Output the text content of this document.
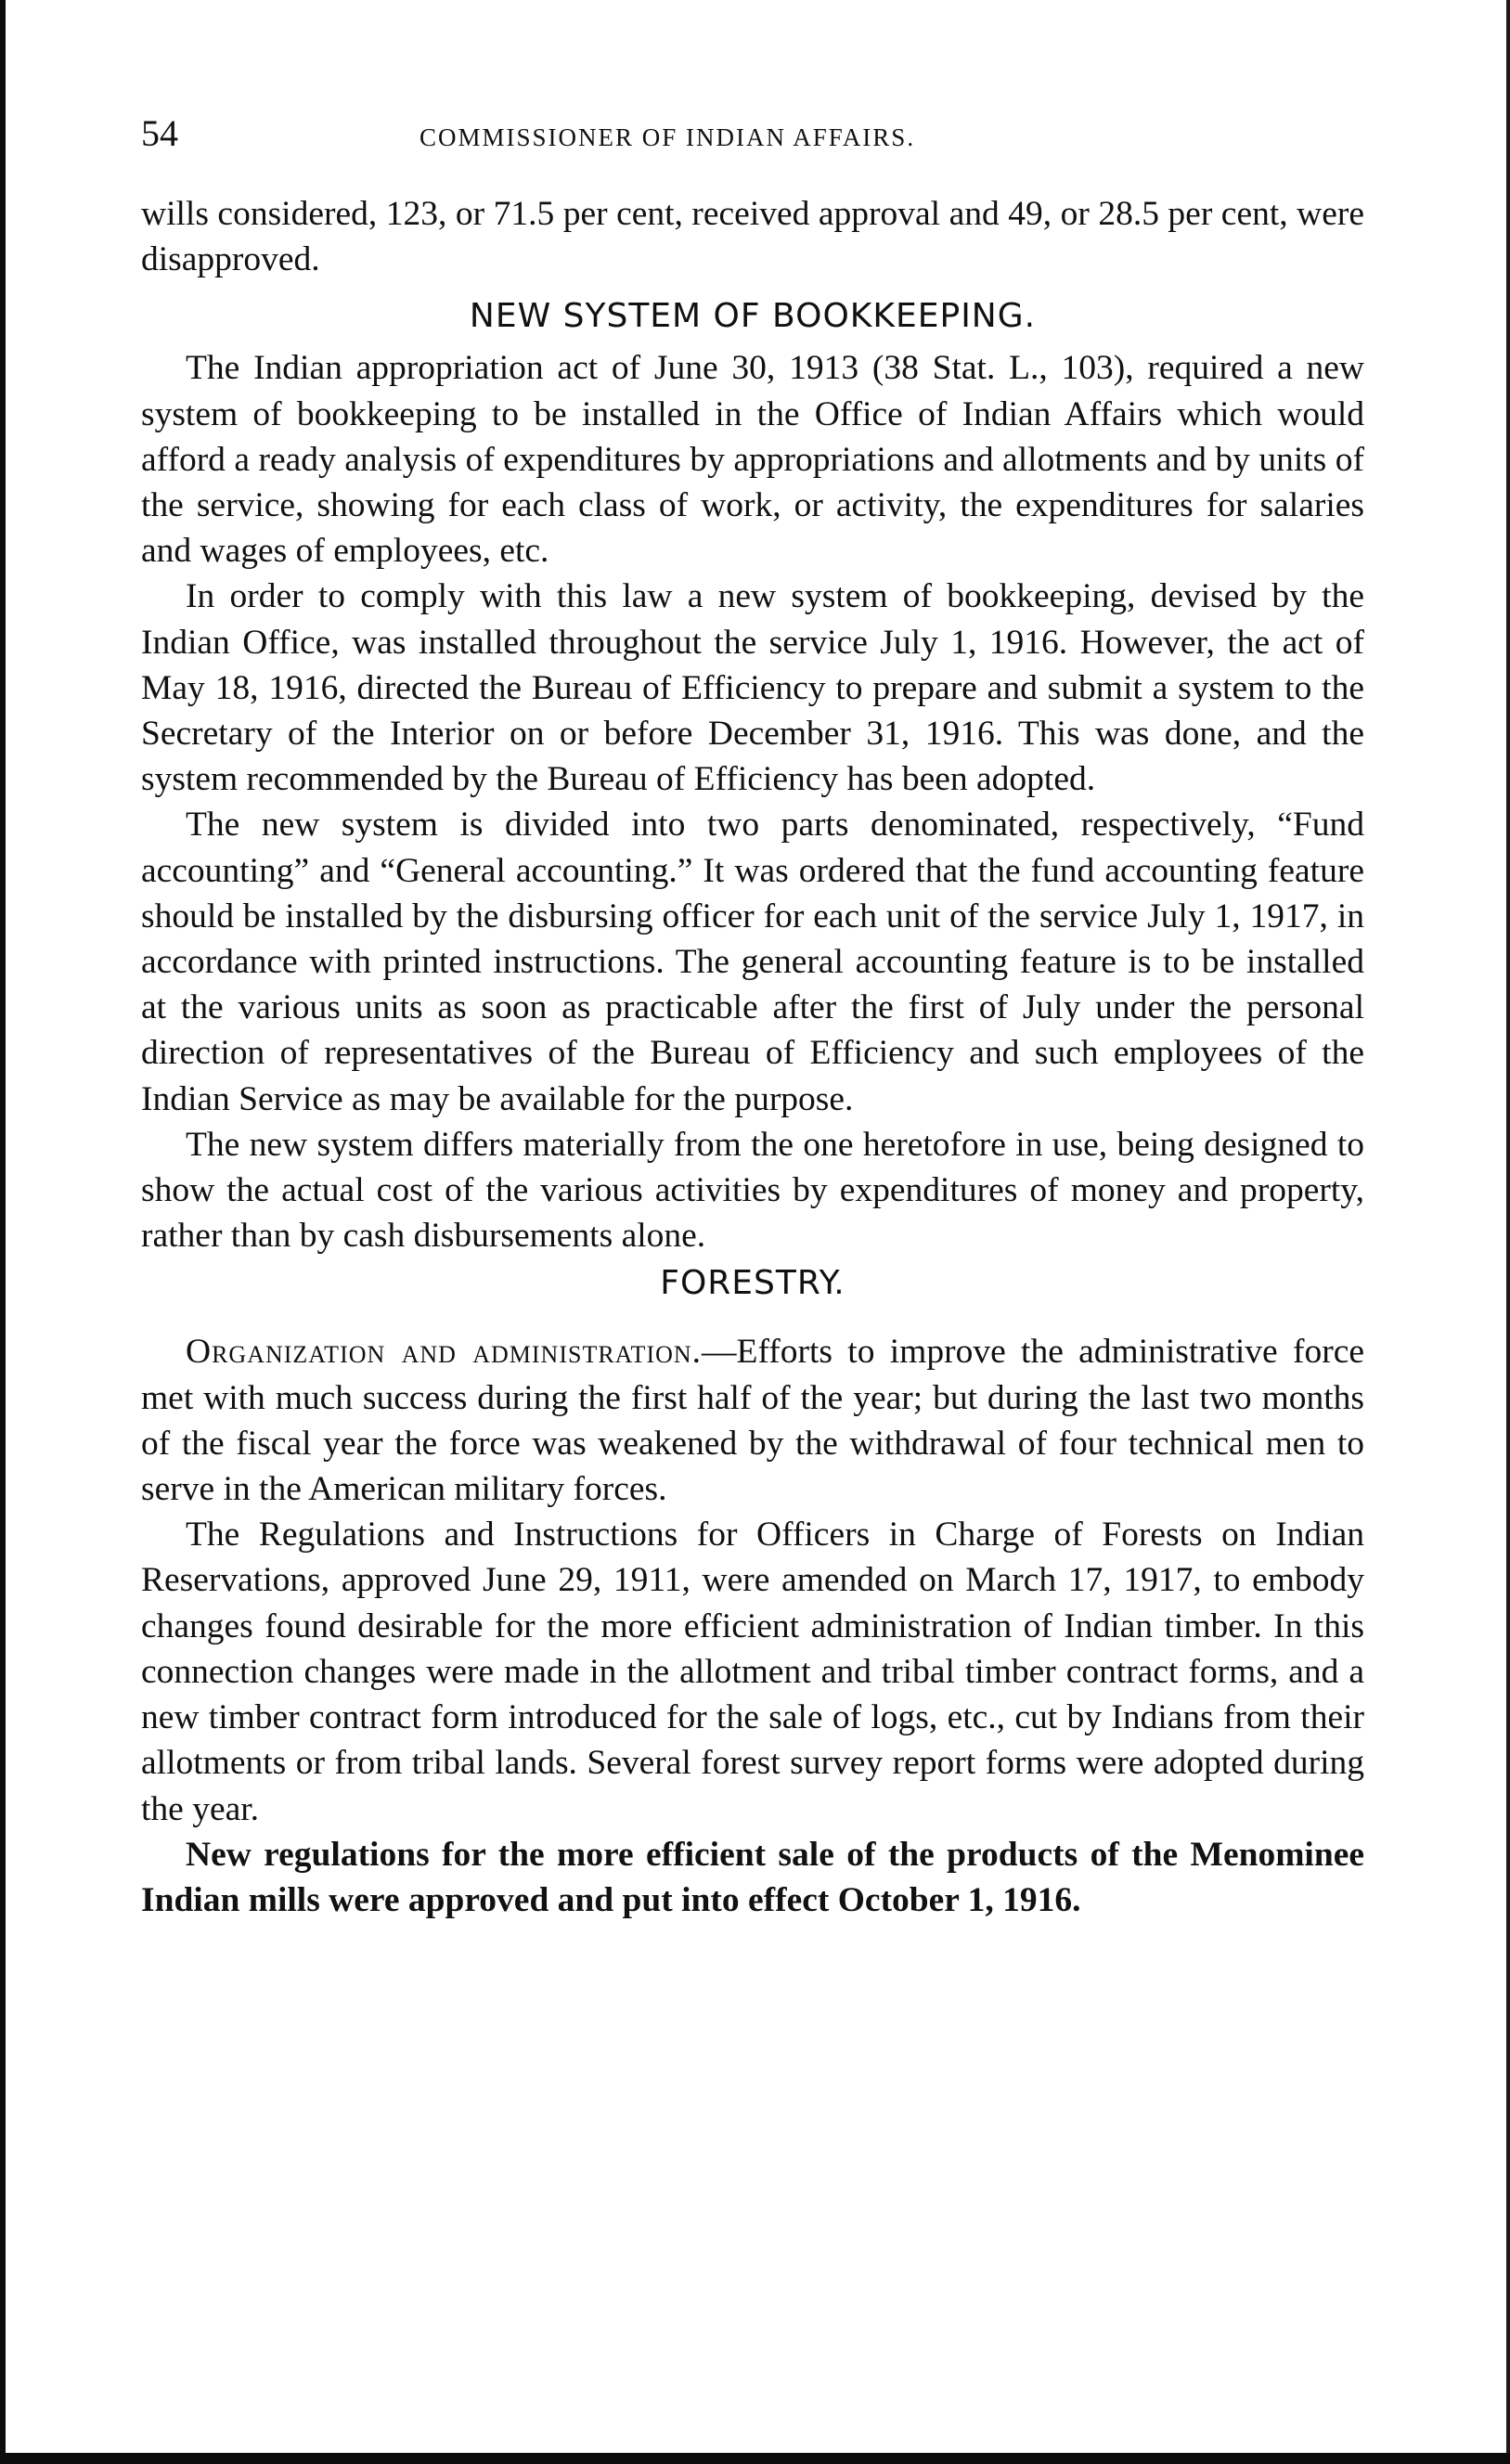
54	COMMISSIONER OF INDIAN AFFAIRS.

wills considered, 123, or 71.5 per cent, received approval and 49, or 28.5 per cent, were disapproved.

NEW SYSTEM OF BOOKKEEPING.

The Indian appropriation act of June 30, 1913 (38 Stat. L., 103), required a new system of bookkeeping to be installed in the Office of Indian Affairs which would afford a ready analysis of expenditures by appropriations and allotments and by units of the service, showing for each class of work, or activity, the expenditures for salaries and wages of employees, etc.

In order to comply with this law a new system of bookkeeping, devised by the Indian Office, was installed throughout the service July 1, 1916. However, the act of May 18, 1916, directed the Bureau of Efficiency to prepare and submit a system to the Secretary of the Interior on or before December 31, 1916. This was done, and the system recommended by the Bureau of Efficiency has been adopted.

The new system is divided into two parts denominated, respectively, “Fund accounting” and “General accounting.” It was ordered that the fund accounting feature should be installed by the disbursing officer for each unit of the service July 1, 1917, in accordance with printed instructions. The general accounting feature is to be installed at the various units as soon as practicable after the first of July under the personal direction of representatives of the Bureau of Efficiency and such employees of the Indian Service as may be available for the purpose.

The new system differs materially from the one heretofore in use, being designed to show the actual cost of the various activities by expenditures of money and property, rather than by cash disbursements alone.

FORESTRY.

Organization and administration.—Efforts to improve the administrative force met with much success during the first half of the year; but during the last two months of the fiscal year the force was weakened by the withdrawal of four technical men to serve in the American military forces.

The Regulations and Instructions for Officers in Charge of Forests on Indian Reservations, approved June 29, 1911, were amended on March 17, 1917, to embody changes found desirable for the more efficient administration of Indian timber. In this connection changes were made in the allotment and tribal timber contract forms, and a new timber contract form introduced for the sale of logs, etc., cut by Indians from their allotments or from tribal lands. Several forest survey report forms were adopted during the year.

New regulations for the more efficient sale of the products of the Menominee Indian mills were approved and put into effect October 1, 1916.
